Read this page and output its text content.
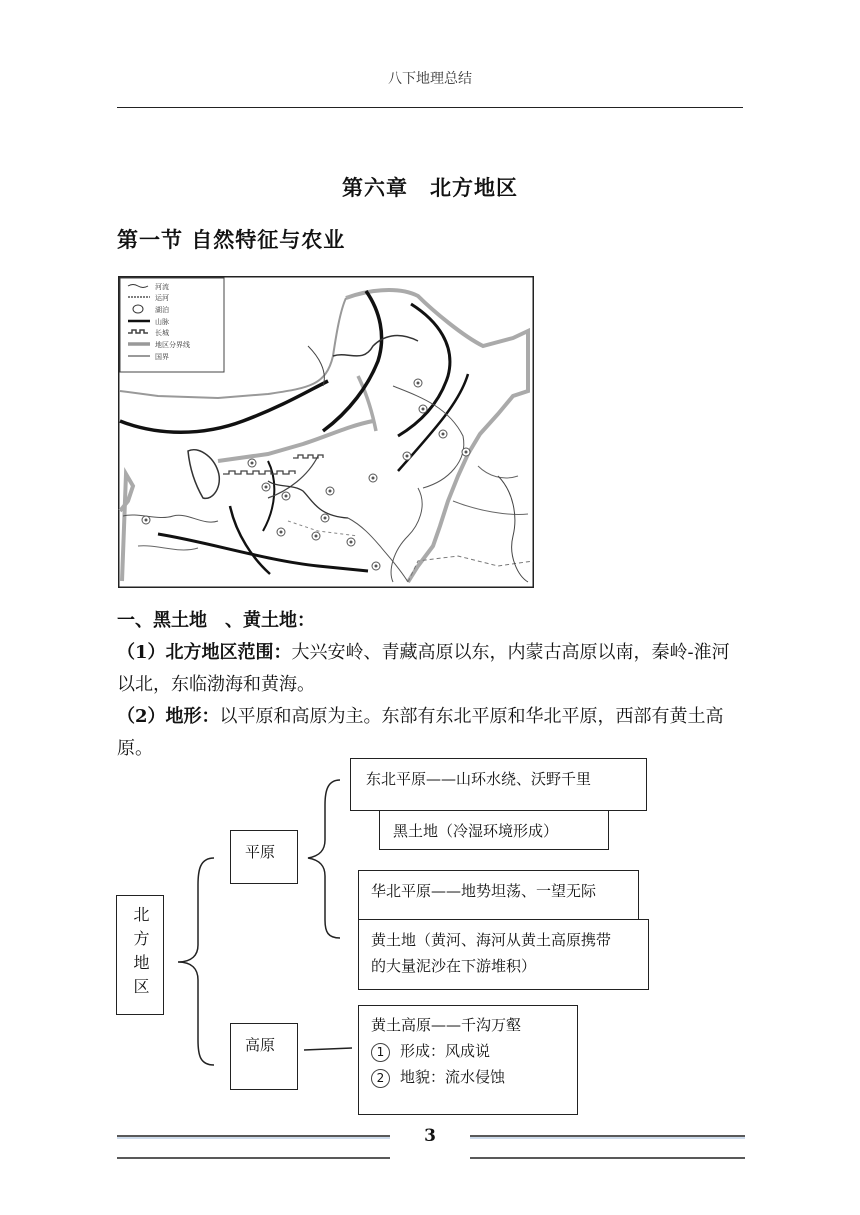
八下地理总结
第六章　北方地区
第一节 自然特征与农业
河流
运河
湖泊
山脉
长城
地区分界线
国界
一、黑土地　、黄土地：
（1）北方地区范围：大兴安岭、青藏高原以东，内蒙古高原以南，秦岭-淮河以北，东临渤海和黄海。
（2）地形：以平原和高原为主。东部有东北平原和华北平原，西部有黄土高原。
北方地区
平原
高原
东北平原——山环水绕、沃野千里
黑土地（冷湿环境形成）
华北平原——地势坦荡、一望无际
黄土地（黄河、海河从黄土高原携带
的大量泥沙在下游堆积）
黄土高原——千沟万壑
1 形成：风成说
2 地貌：流水侵蚀
3
